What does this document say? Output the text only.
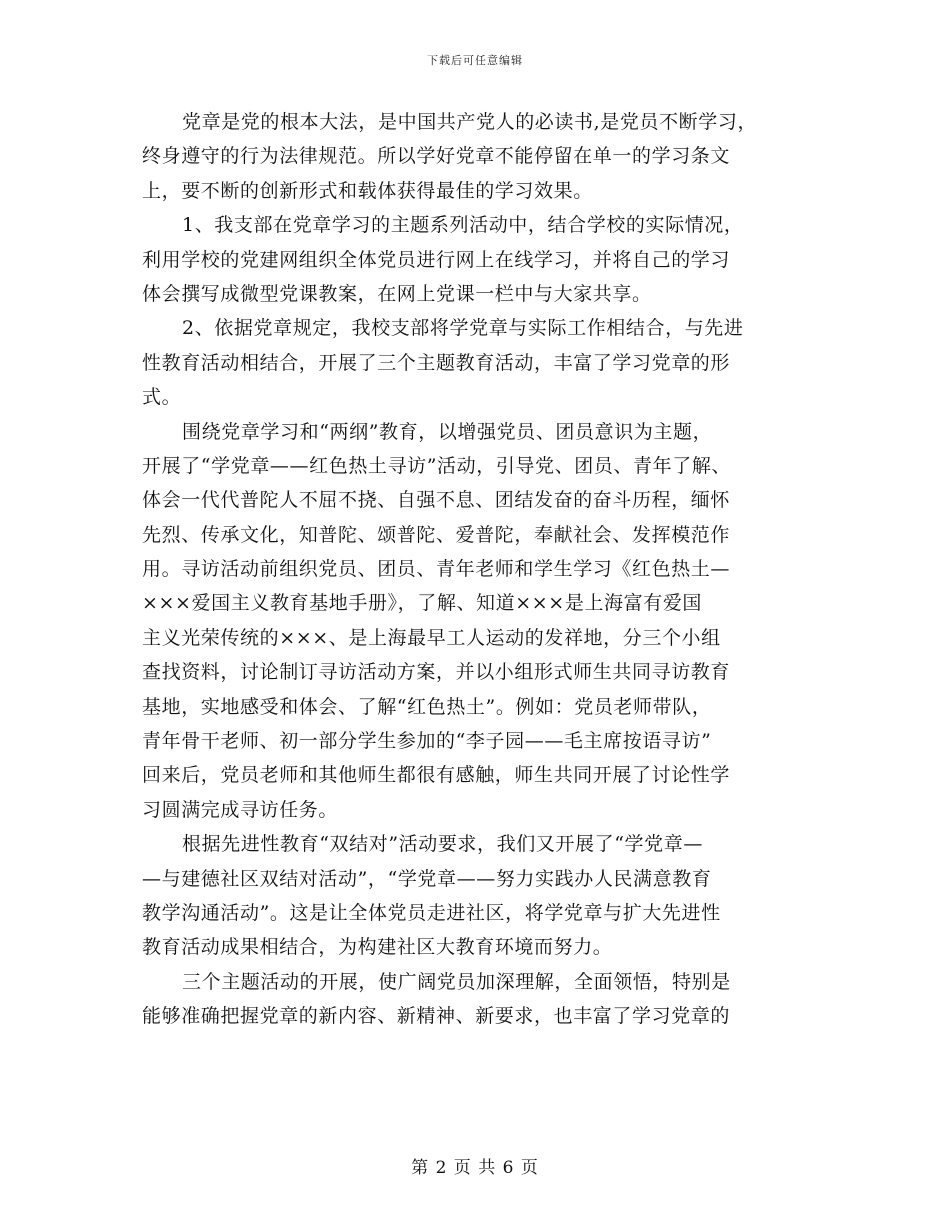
下载后可任意编辑
党章是党的根本大法，是中国共产党人的必读书,是党员不断学习，
终身遵守的行为法律规范。所以学好党章不能停留在单一的学习条文
上，要不断的创新形式和载体获得最佳的学习效果。
1、我支部在党章学习的主题系列活动中，结合学校的实际情况，
利用学校的党建网组织全体党员进行网上在线学习，并将自己的学习
体会撰写成微型党课教案，在网上党课一栏中与大家共享。
2、依据党章规定，我校支部将学党章与实际工作相结合，与先进
性教育活动相结合，开展了三个主题教育活动，丰富了学习党章的形
式。
围绕党章学习和“两纲”教育，以增强党员、团员意识为主题，
开展了“学党章——红色热土寻访”活动，引导党、团员、青年了解、
体会一代代普陀人不屈不挠、自强不息、团结发奋的奋斗历程，缅怀
先烈、传承文化，知普陀、颂普陀、爱普陀，奉献社会、发挥模范作
用。寻访活动前组织党员、团员、青年老师和学生学习《红色热土—
×××爱国主义教育基地手册》，了解、知道×××是上海富有爱国
主义光荣传统的×××、是上海最早工人运动的发祥地，分三个小组
查找资料，讨论制订寻访活动方案，并以小组形式师生共同寻访教育
基地，实地感受和体会、了解“红色热土”。例如：党员老师带队，
青年骨干老师、初一部分学生参加的“李子园——毛主席按语寻访”
回来后，党员老师和其他师生都很有感触，师生共同开展了讨论性学
习圆满完成寻访任务。
根据先进性教育“双结对”活动要求，我们又开展了“学党章—
—与建德社区双结对活动”，“学党章——努力实践办人民满意教育
教学沟通活动”。这是让全体党员走进社区，将学党章与扩大先进性
教育活动成果相结合，为构建社区大教育环境而努力。
三个主题活动的开展，使广阔党员加深理解，全面领悟，特别是
能够准确把握党章的新内容、新精神、新要求，也丰富了学习党章的
第 2 页 共 6 页
